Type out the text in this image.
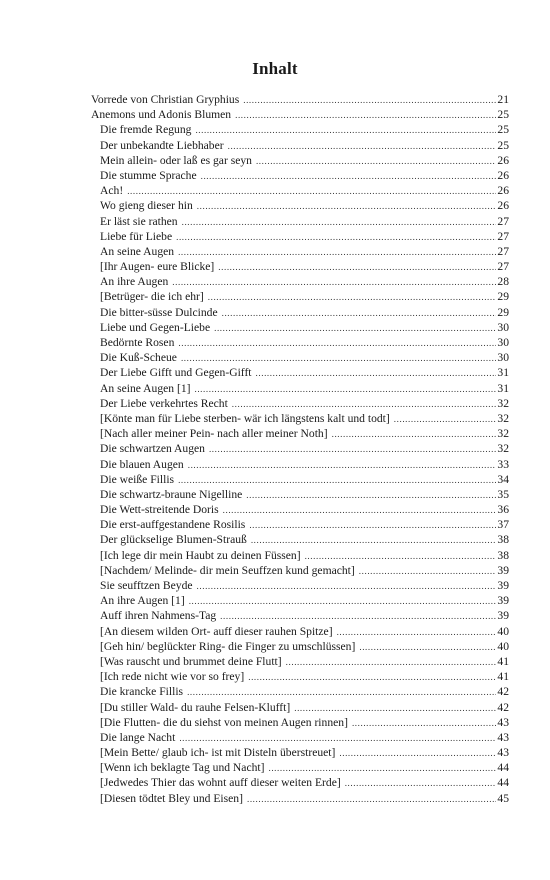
Inhalt
Vorrede von Christian Gryphius .....	21
Anemons und Adonis Blumen .....	25
Die fremde Regung .....	25
Der unbekandte Liebhaber .....	25
Mein allein- oder laß es gar seyn .....	26
Die stumme Sprache .....	26
Ach! .....	26
Wo gieng dieser hin .....	26
Er läst sie rathen .....	27
Liebe für Liebe .....	27
An seine Augen .....	27
[Ihr Augen- eure Blicke] .....	27
An ihre Augen .....	28
[Betrüger- die ich ehr] .....	29
Die bitter-süsse Dulcinde .....	29
Liebe und Gegen-Liebe .....	30
Bedörnte Rosen .....	30
Die Kuß-Scheue .....	30
Der Liebe Gifft und Gegen-Gifft .....	31
An seine Augen [1] .....	31
Der Liebe verkehrtes Recht .....	32
[Könte man für Liebe sterben- wär ich längstens kalt und todt] .....	32
[Nach aller meiner Pein- nach aller meiner Noth] .....	32
Die schwartzen Augen .....	32
Die blauen Augen .....	33
Die weiße Fillis .....	34
Die schwartz-braune Nigelline .....	35
Die Wett-streitende Doris .....	36
Die erst-auffgestandene Rosilis .....	37
Der glückselige Blumen-Strauß .....	38
[Ich lege dir mein Haubt zu deinen Füssen] .....	38
[Nachdem/ Melinde- dir mein Seuffzen kund gemacht] .....	39
Sie seufftzen Beyde .....	39
An ihre Augen [1] .....	39
Auff ihren Nahmens-Tag .....	39
[An diesem wilden Ort- auff dieser rauhen Spitze] .....	40
[Geh hin/ beglückter Ring- die Finger zu umschlüssen] .....	40
[Was rauscht und brummet deine Flutt] .....	41
[Ich rede nicht wie vor so frey] .....	41
Die krancke Fillis .....	42
[Du stiller Wald- du rauhe Felsen-Klufft] .....	42
[Die Flutten- die du siehst von meinen Augen rinnen] .....	43
Die lange Nacht .....	43
[Mein Bette/ glaub ich- ist mit Disteln überstreuet] .....	43
[Wenn ich beklagte Tag und Nacht] .....	44
[Jedwedes Thier das wohnt auff dieser weiten Erde] .....	44
[Diesen tödtet Bley und Eisen] .....	45
